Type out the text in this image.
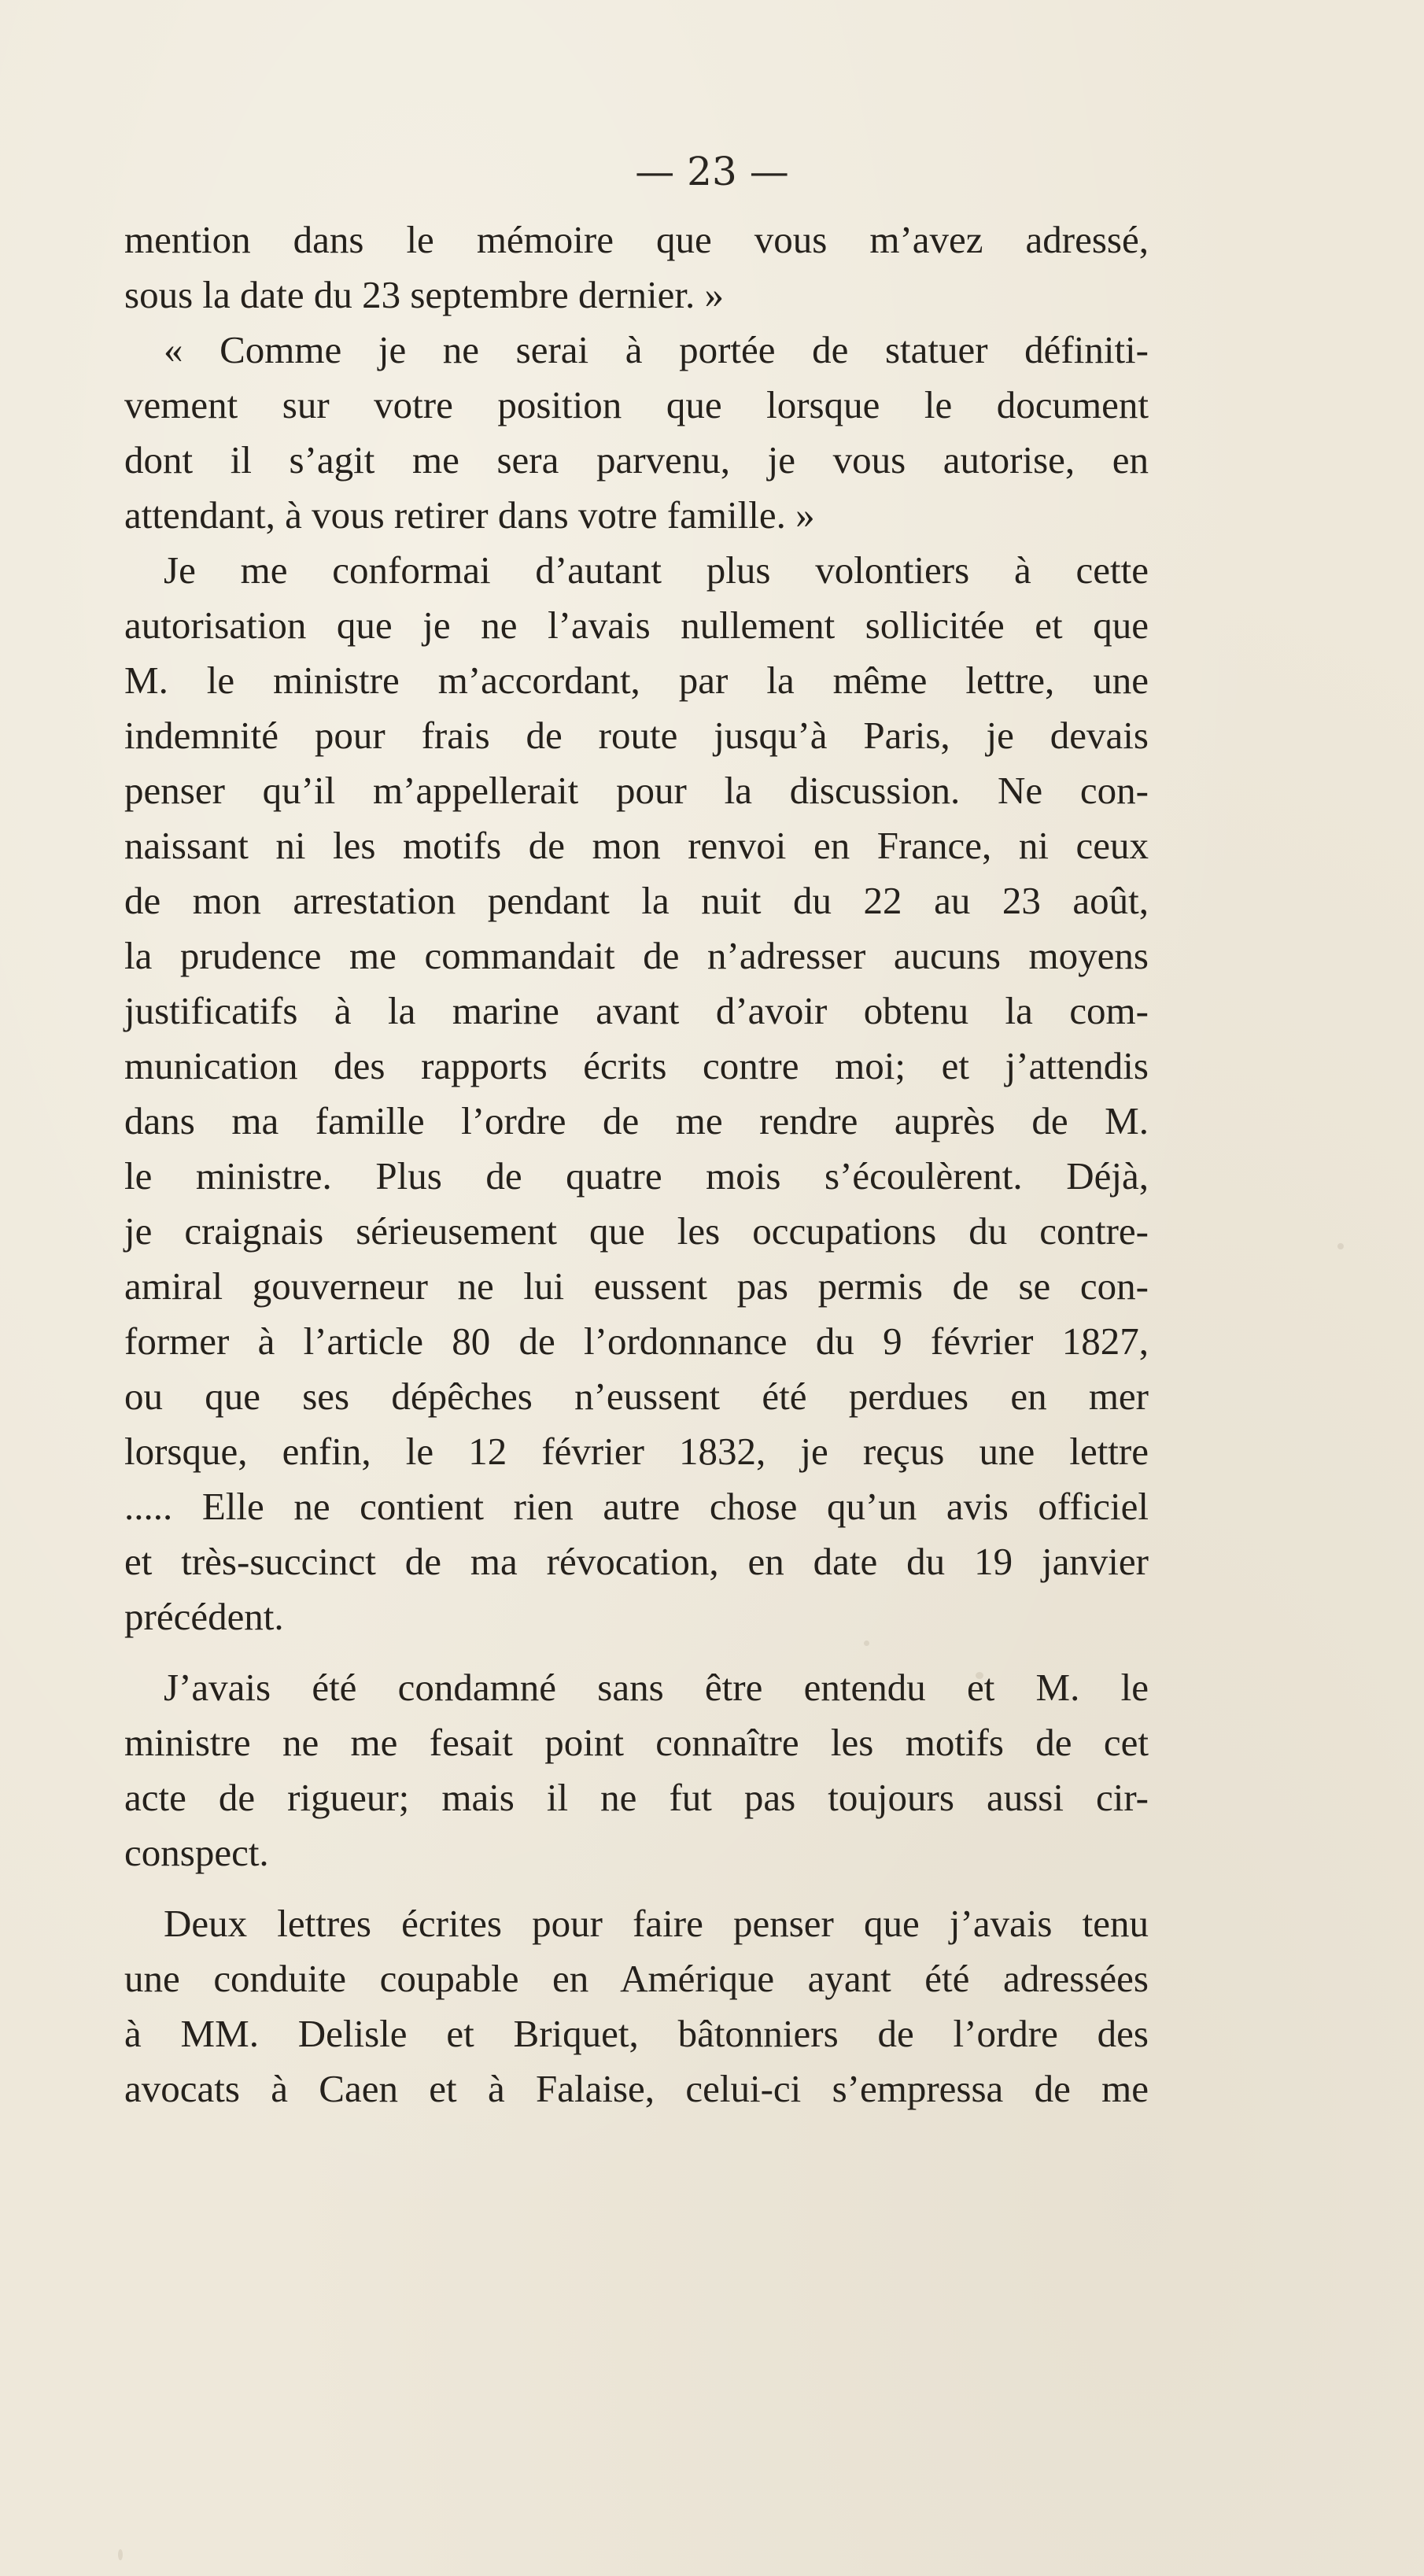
— 23 —
mention dans le mémoire que vous m’avez adressé,
sous la date du 23 septembre dernier. »
« Comme je ne serai à portée de statuer définiti-
vement sur votre position que lorsque le document
dont il s’agit me sera parvenu, je vous autorise, en
attendant, à vous retirer dans votre famille. »
Je me conformai d’autant plus volontiers à cette
autorisation que je ne l’avais nullement sollicitée et que
M. le ministre m’accordant, par la même lettre, une
indemnité pour frais de route jusqu’à Paris, je devais
penser qu’il m’appellerait pour la discussion. Ne con-
naissant ni les motifs de mon renvoi en France, ni ceux
de mon arrestation pendant la nuit du 22 au 23 août,
la prudence me commandait de n’adresser aucuns moyens
justificatifs à la marine avant d’avoir obtenu la com-
munication des rapports écrits contre moi; et j’attendis
dans ma famille l’ordre de me rendre auprès de M.
le ministre. Plus de quatre mois s’écoulèrent. Déjà,
je craignais sérieusement que les occupations du contre-
amiral gouverneur ne lui eussent pas permis de se con-
former à l’article 80 de l’ordonnance du 9 février 1827,
ou que ses dépêches n’eussent été perdues en mer
lorsque, enfin, le 12 février 1832, je reçus une lettre
..... Elle ne contient rien autre chose qu’un avis officiel
et très-succinct de ma révocation, en date du 19 janvier
précédent.
J’avais été condamné sans être entendu et M. le
ministre ne me fesait point connaître les motifs de cet
acte de rigueur; mais il ne fut pas toujours aussi cir-
conspect.
Deux lettres écrites pour faire penser que j’avais tenu
une conduite coupable en Amérique ayant été adressées
à MM. Delisle et Briquet, bâtonniers de l’ordre des
avocats à Caen et à Falaise, celui-ci s’empressa de me
